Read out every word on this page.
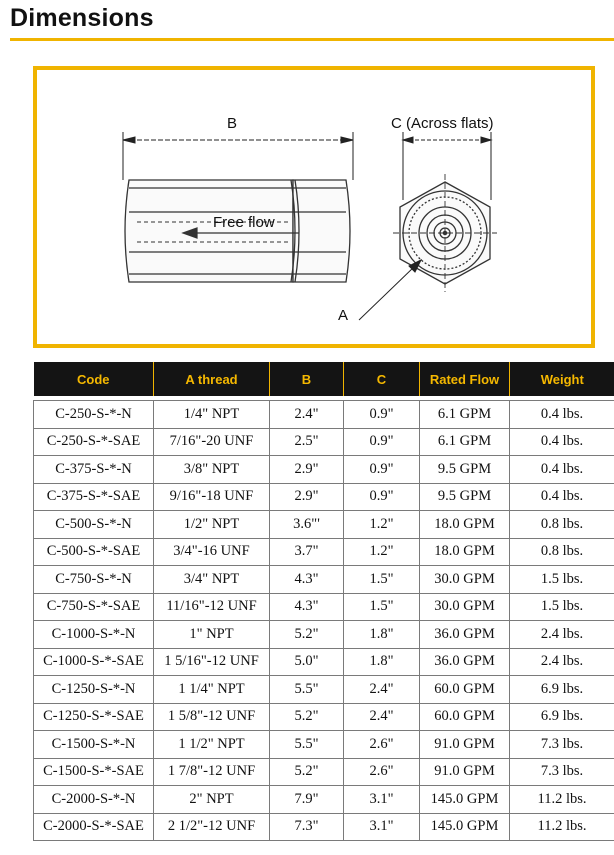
Dimensions
B
Free flow
C (Across flats)
A
Code	A thread	B	C	Rated Flow	Weight

C-250-S-*-N	1/4" NPT	2.4"	0.9"	6.1 GPM	0.4 lbs.
C-250-S-*-SAE	7/16"-20 UNF	2.5"	0.9"	6.1 GPM	0.4 lbs.
C-375-S-*-N	3/8" NPT	2.9"	0.9"	9.5 GPM	0.4 lbs.
C-375-S-*-SAE	9/16"-18 UNF	2.9"	0.9"	9.5 GPM	0.4 lbs.
C-500-S-*-N	1/2" NPT	3.6"'	1.2"	18.0 GPM	0.8 lbs.
C-500-S-*-SAE	3/4"-16 UNF	3.7"	1.2"	18.0 GPM	0.8 lbs.
C-750-S-*-N	3/4" NPT	4.3"	1.5"	30.0 GPM	1.5 lbs.
C-750-S-*-SAE	11/16"-12 UNF	4.3"	1.5"	30.0 GPM	1.5 lbs.
C-1000-S-*-N	1" NPT	5.2"	1.8"	36.0 GPM	2.4 lbs.
C-1000-S-*-SAE	1 5/16"-12 UNF	5.0"	1.8"	36.0 GPM	2.4 lbs.
C-1250-S-*-N	1 1/4" NPT	5.5"	2.4"	60.0 GPM	6.9 lbs.
C-1250-S-*-SAE	1 5/8"-12 UNF	5.2"	2.4"	60.0 GPM	6.9 lbs.
C-1500-S-*-N	1 1/2" NPT	5.5"	2.6"	91.0 GPM	7.3 lbs.
C-1500-S-*-SAE	1 7/8"-12 UNF	5.2"	2.6"	91.0 GPM	7.3 lbs.
C-2000-S-*-N	2" NPT	7.9"	3.1"	145.0 GPM	11.2 lbs.
C-2000-S-*-SAE	2 1/2"-12 UNF	7.3"	3.1"	145.0 GPM	11.2 lbs.
